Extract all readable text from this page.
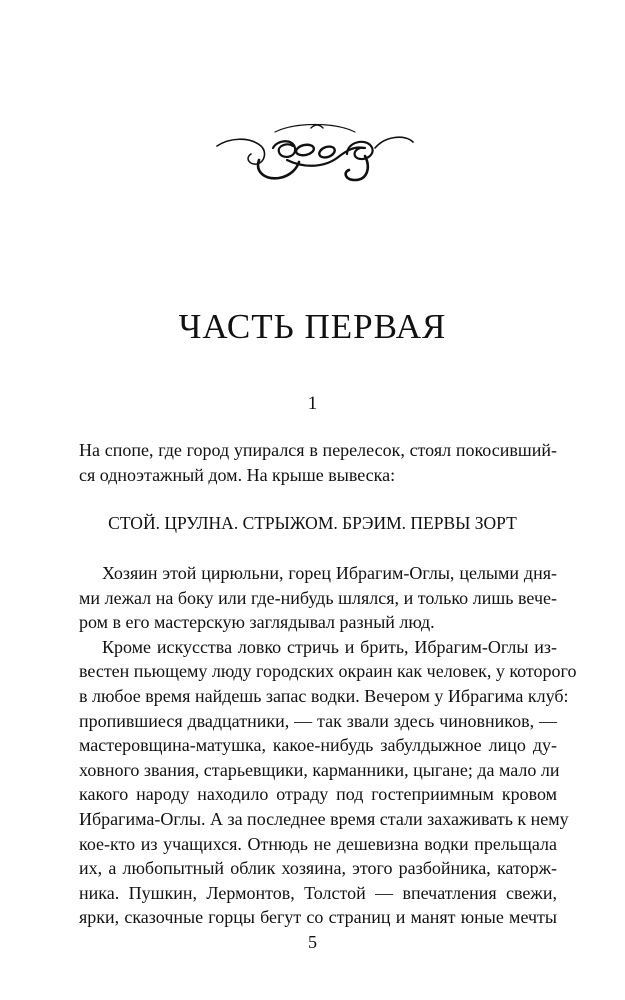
ЧАСТЬ ПЕРВАЯ
1
На спопе, где город упирался в перелесок, стоял покосивший-
ся одноэтажный дом. На крыше вывеска:
СТОЙ. ЦРУЛНА. СТРЫЖОМ. БРЭИМ. ПЕРВЫ ЗОРТ
Хозяин этой цирюльни, горец Ибрагим-Оглы, целыми дня-
ми лежал на боку или где-нибудь шлялся, и только лишь вече-
ром в его мастерскую заглядывал разный люд.
Кроме искусства ловко стричь и брить, Ибрагим-Оглы из-
вестен пьющему люду городских окраин как человек, у которого
в любое время найдешь запас водки. Вечером у Ибрагима клуб:
пропившиеся двадцатники, — так звали здесь чиновников, —
мастеровщина-матушка, какое-нибудь забулдыжное лицо ду-
ховного звания, старьевщики, карманники, цыгане; да мало ли
какого народу находило отраду под гостеприимным кровом
Ибрагима-Оглы. А за последнее время стали захаживать к нему
кое-кто из учащихся. Отнюдь не дешевизна водки прельщала
их, а любопытный облик хозяина, этого разбойника, каторж-
ника. Пушкин, Лермонтов, Толстой — впечатления свежи,
ярки, сказочные горцы бегут со страниц и манят юные мечты
5
